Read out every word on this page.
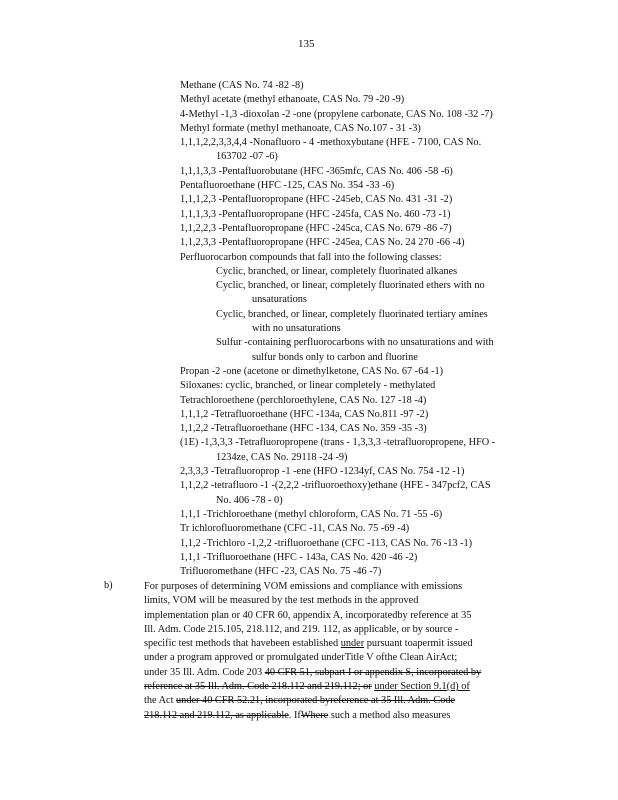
135
Methane (CAS No. 74 -82 -8)
Methyl acetate (methyl ethanoate, CAS No. 79 -20 -9)
4-Methyl -1,3 -dioxolan -2 -one (propylene carbonate, CAS No. 108 -32 -7)
Methyl formate (methyl methanoate, CAS No.107 - 31 -3)
1,1,1,2,2,3,3,4,4 -Nonafluoro - 4 -methoxybutane (HFE - 7100, CAS No.
163702 -07 -6)
1,1,1,3,3 -Pentafluorobutane (HFC -365mfc, CAS No. 406 -58 -6)
Pentafluoroethane (HFC -125, CAS No. 354 -33 -6)
1,1,1,2,3 -Pentafluoropropane (HFC -245eb, CAS No. 431 -31 -2)
1,1,1,3,3 -Pentafluoropropane (HFC -245fa, CAS No. 460 -73 -1)
1,1,2,2,3 -Pentafluoropropane (HFC -245ca, CAS No. 679 -86 -7)
1,1,2,3,3 -Pentafluoropropane (HFC -245ea, CAS No. 24 270 -66 -4)
Perfluorocarbon compounds that fall into the following classes:
Cyclic, branched, or linear, completely fluorinated alkanes
Cyclic, branched, or linear, completely fluorinated ethers with no
unsaturations
Cyclic, branched, or linear, completely fluorinated tertiary amines
with no unsaturations
Sulfur -containing perfluorocarbons with no unsaturations and with
sulfur bonds only to carbon and fluorine
Propan -2 -one (acetone or dimethylketone, CAS No. 67 -64 -1)
Siloxanes: cyclic, branched, or linear completely - methylated
Tetrachloroethene (perchloroethylene, CAS No. 127 -18 -4)
1,1,1,2 -Tetrafluoroethane (HFC -134a, CAS No.811 -97 -2)
1,1,2,2 -Tetrafluoroethane (HFC -134, CAS No. 359 -35 -3)
(1E) -1,3,3,3 -Tetrafluoropropene (trans - 1,3,3,3 -tetrafluoropropene, HFO -
1234ze, CAS No. 29118 -24 -9)
2,3,3,3 -Tetrafluoroprop -1 -ene (HFO -1234yf, CAS No. 754 -12 -1)
1,1,2,2 -tetrafluoro -1 -(2,2,2 -trifluoroethoxy)ethane (HFE - 347pcf2, CAS
No. 406 -78 - 0)
1,1,1 -Trichloroethane (methyl chloroform, CAS No. 71 -55 -6)
Tr ichlorofluoromethane (CFC -11, CAS No. 75 -69 -4)
1,1,2 -Trichloro -1,2,2 -trifluoroethane (CFC -113, CAS No. 76 -13 -1)
1,1,1 -Trifluoroethane (HFC - 143a, CAS No. 420 -46 -2)
Trifluoromethane (HFC -23, CAS No. 75 -46 -7)
b)	For purposes of determining VOM emissions and compliance with emissions
limits, VOM will be measured by the test methods in the approved
implementation plan or 40 CFR 60, appendix A, incorporatedby reference at 35
Ill. Adm. Code 215.105, 218.112, and 219. 112, as applicable, or by source -
specific test methods that havebeen established under pursuant toapermit issued
under a program approved or promulgated underTitle V ofthe Clean AirAct;
under 35 Ill. Adm. Code 203 40 CFR 51, subpart I or appendix S, incorporated by
reference at 35 Ill. Adm. Code 218.112 and 219.112; or under Section 9.1(d) of
the Act under 40 CFR 52.21, incorporated byreference at 35 Ill. Adm. Code
218.112 and 219.112, as applicable. IfWhere such a method also measures
